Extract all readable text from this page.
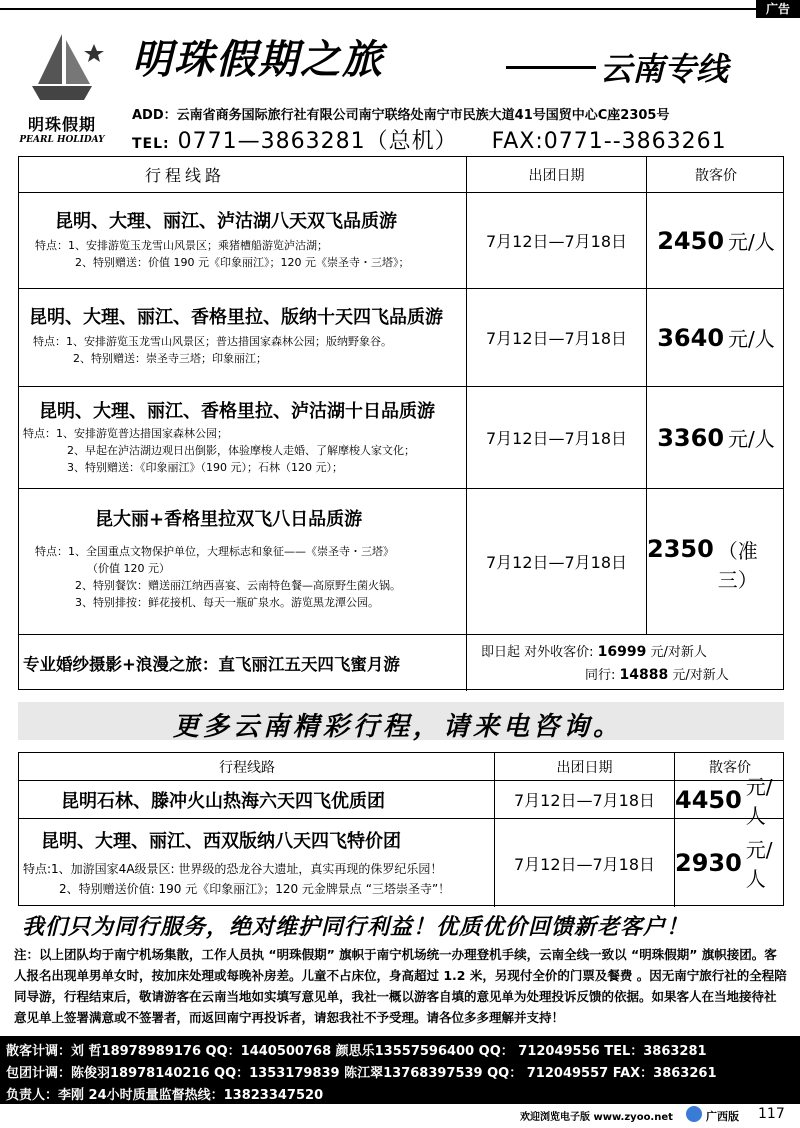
广告
明珠假期
PEARL HOLIDAY
明珠假期之旅	云南专线
ADD：云南省商务国际旅行社有限公司南宁联络处南宁市民族大道41号国贸中心C座2305号
TEL: 0771—3863281（总机） FAX:0771--3863261
行程线路	出团日期	散客价
昆明、大理、丽江、泸沽湖八天双飞品质游
特点：1、安排游览玉龙雪山风景区；乘猪槽船游览泸沽湖；
2、特别赠送：价值 190 元《印象丽江》；120 元《崇圣寺・三塔》；
7月12日—7月18日	2450 元/人
昆明、大理、丽江、香格里拉、版纳十天四飞品质游
特点：1、安排游览玉龙雪山风景区；普达措国家森林公园；版纳野象谷。
2、特别赠送：崇圣寺三塔；印象丽江；
7月12日—7月18日	3640 元/人
昆明、大理、丽江、香格里拉、泸沽湖十日品质游
特点：1、安排游览普达措国家森林公园；
2、早起在泸沽湖边观日出倒影，体验摩梭人走婚、了解摩梭人家文化；
3、特别赠送：《印象丽江》（190 元）；石林（120 元）；
7月12日—7月18日	3360 元/人
昆大丽+香格里拉双飞八日品质游
特点：1、全国重点文物保护单位，大理标志和象征——《崇圣寺・三塔》
（价值 120 元）
2、特别餐饮：赠送丽江纳西喜宴、云南特色餐—高原野生菌火锅。
3、特别排按：鲜花接机、每天一瓶矿泉水。游览黑龙潭公园。
7月12日—7月18日 2350 （准三）
专业婚纱摄影+浪漫之旅：直飞丽江五天四飞蜜月游
即日起 对外收客价: 16999 元/对新人
同行: 14888 元/对新人
更多云南精彩行程，请来电咨询。
行程线路	出团日期	散客价
昆明石林、滕冲火山热海六天四飞优质团	7月12日—7月18日 4450 元/人
昆明、大理、丽江、西双版纳八天四飞特价团
特点:1、加游国家4A级景区: 世界级的恐龙谷大遗址，真实再现的侏罗纪乐园！
2、特别赠送价值: 190 元《印象丽江》；120 元金牌景点 “三塔崇圣寺”！
7月12日—7月18日 2930 元/人
我们只为同行服务，绝对维护同行利益！优质优价回馈新老客户！
注：以上团队均于南宁机场集散，工作人员执 “明珠假期” 旗帜于南宁机场统一办理登机手续，云南全线一致以 “明珠假期” 旗帜接团。客人报名出现单男单女时，按加床处理或每晚补房差。儿童不占床位，身高超过 1.2 米，另现付全价的门票及餐费 。因无南宁旅行社的全程陪同导游，行程结束后，敬请游客在云南当地如实填写意见单，我社一概以游客自填的意见单为处理投诉反馈的依据。如果客人在当地接待社意见单上签署满意或不签署者，而返回南宁再投诉者，请恕我社不予受理。请各位多多理解并支持！
散客计调：刘 哲18978989176 QQ：1440500768 颜思乐13557596400 QQ： 712049556 TEL：3863281
包团计调：陈俊羽18978140216 QQ：1353179839 陈江翠13768397539 QQ： 712049557 FAX：3863261
负责人：李刚 24小时质量监督热线：13823347520
欢迎浏览电子版 www.zyoo.net	广西版 117
